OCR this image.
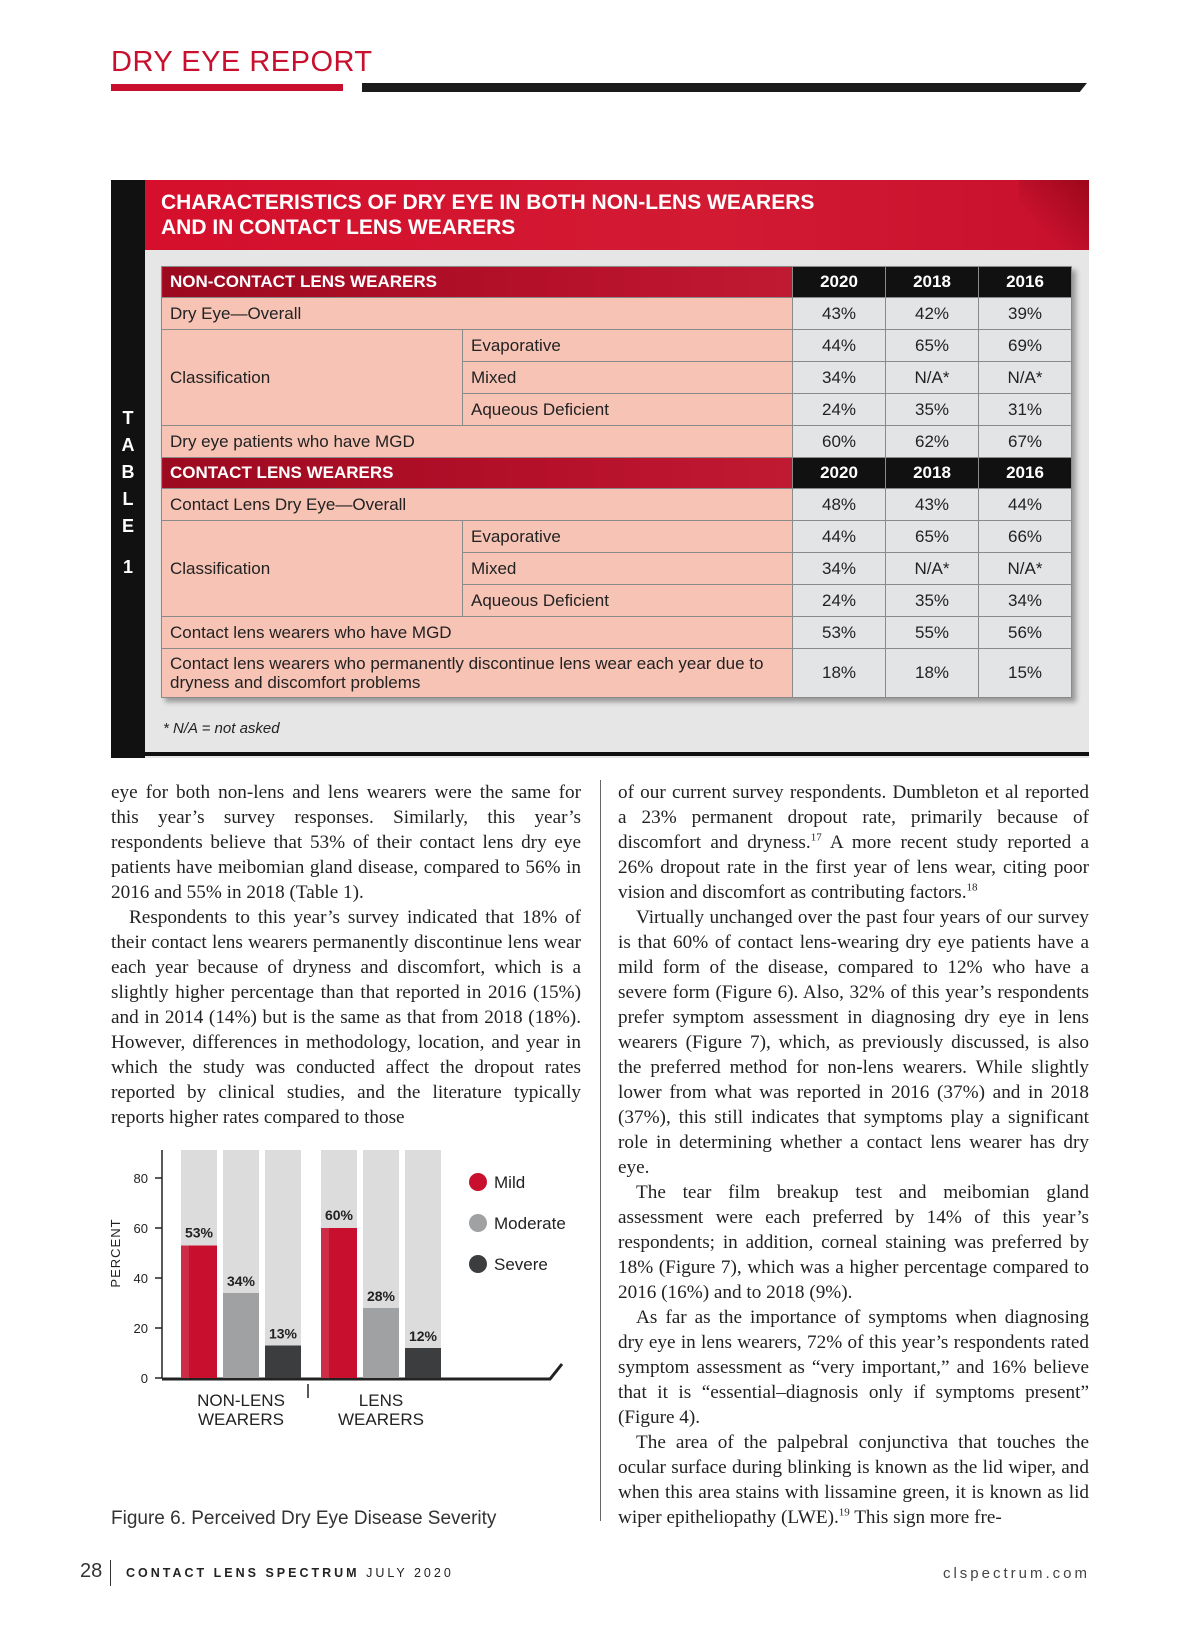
DRY EYE REPORT
T
A
B
L
E

1
CHARACTERISTICS OF DRY EYE IN BOTH NON-LENS WEARERS
AND IN CONTACT LENS WEARERS
NON-CONTACT LENS WEARERS		2020	2018	2016
Dry Eye—Overall		43%	42%	39%
Classification	Evaporative	44%	65%	69%
	Mixed	34%	N/A*	N/A*
	Aqueous Deficient	24%	35%	31%
Dry eye patients who have MGD		60%	62%	67%
CONTACT LENS WEARERS		2020	2018	2016
Contact Lens Dry Eye—Overall		48%	43%	44%
Classification	Evaporative	44%	65%	66%
	Mixed	34%	N/A*	N/A*
	Aqueous Deficient	24%	35%	34%
Contact lens wearers who have MGD		53%	55%	56%
Contact lens wearers who permanently discontinue lens wear each year due to dryness and discomfort problems		18%	18%	15%
* N/A = not asked

eye for both non-lens and lens wearers were the same for this year’s survey responses. Similarly, this year’s respondents believe that 53% of their contact lens dry eye patients have meibomian gland disease, compared to 56% in 2016 and 55% in 2018 (Table 1).

Respondents to this year’s survey indicated that 18% of their contact lens wearers permanently discontinue lens wear each year because of dryness and discomfort, which is a slightly higher percentage than that reported in 2016 (15%) and in 2014 (14%) but is the same as that from 2018 (18%). However, differences in methodology, location, and year in which the study was conducted affect the dropout rates reported by clinical studies, and the literature typically reports higher rates compared to those

of our current survey respondents. Dumbleton et al reported a 23% permanent dropout rate, primarily because of discomfort and dryness.$^{17}$ A more recent study reported a 26% dropout rate in the first year of lens wear, citing poor vision and discomfort as contributing factors.$^{18}$

Virtually unchanged over the past four years of our survey is that 60% of contact lens-wearing dry eye patients have a mild form of the disease, compared to 12% who have a severe form (Figure 6). Also, 32% of this year’s respondents prefer symptom assessment in diagnosing dry eye in lens wearers (Figure 7), which, as previously discussed, is also the preferred method for non-lens wearers. While slightly lower from what was reported in 2016 (37%) and in 2018 (37%), this still indicates that symptoms play a significant role in determining whether a contact lens wearer has dry eye.

The tear film breakup test and meibomian gland assessment were each preferred by 14% of this year’s respondents; in addition, corneal staining was preferred by 18% (Figure 7), which was a higher percentage compared to 2016 (16%) and to 2018 (9%).

As far as the importance of symptoms when diagnosing dry eye in lens wearers, 72% of this year’s respondents rated symptom assessment as “very important,” and 16% believe that it is “essential–diagnosis only if symptoms present” (Figure 4).

The area of the palpebral conjunctiva that touches the ocular surface during blinking is known as the lid wiper, and when this area stains with lissamine green, it is known as lid wiper epitheliopathy (LWE).$^{19}$ This sign more fre-

0
20
40
60
80
PERCENT	53%
34%
13%
NON-LENS
WEARERS
60%
28%
12%
LENS
WEARERS
Mild
Moderate
Severe
Figure 6. Perceived Dry Eye Disease Severity
28 CONTACT LENS SPECTRUM JULY 2020	clspectrum.com
